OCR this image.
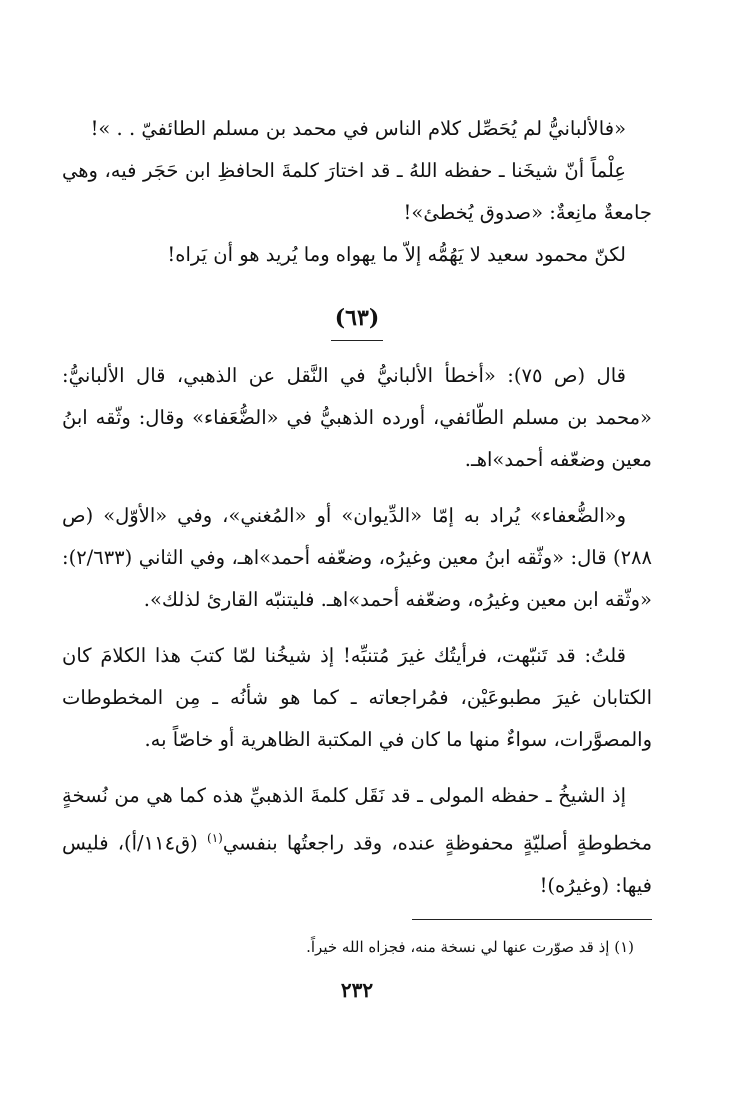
«فالألبانيُّ لم يُحَصِّل كلام الناس في محمد بن مسلم الطائفيّ . . »!

عِلْماً أنّ شيخَنا ـ حفظه اللهُ ـ قد اختارَ كلمةَ الحافظِ ابن حَجَر فيه، وهي جامعةٌ مانِعةٌ: «صدوق يُخطئ»!

لكنّ محمود سعيد لا يَهُمُّه إلاّ ما يهواه وما يُريد هو أن يَراه!

(٦٣)

قال (ص ٧٥): «أخطأ الألبانيُّ في النَّقل عن الذهبي، قال الألبانيُّ: «محمد بن مسلم الطّائفي، أورده الذهبيُّ في «الضُّعَفاء» وقال: وثّقه ابنُ معين وضعّفه أحمد»اهـ.

و«الضُّعفاء» يُراد به إمّا «الدِّيوان» أو «المُغني»، وفي «الأوّل» (ص ٢٨٨) قال: «وثّقه ابنُ معين وغيرُه، وضعّفه أحمد»اهـ، وفي الثاني (٢/٦٣٣): «وثّقه ابن معين وغيرُه، وضعّفه أحمد»اهـ. فليتنبّه القارئ لذلك».

قلتُ: قد تَنبّهت، فرأيتُك غيرَ مُتنبِّه! إذ شيخُنا لمّا كتبَ هذا الكلامَ كان الكتابان غيرَ مطبوعَيْن، فمُراجعاته ـ كما هو شأنُه ـ مِن المخطوطات والمصوَّرات، سواءٌ منها ما كان في المكتبة الظاهرية أو خاصّاً به.

إذ الشيخُ ـ حفظه المولى ـ قد نَقَل كلمةَ الذهبيِّ هذه كما هي من نُسخةٍ مخطوطةٍ أصليّةٍ محفوظةٍ عنده، وقد راجعتُها بنفسي$^{(١)}$ (ق١١٤/أ)، فليس فيها: (وغيرُه)!

(١) إذ قد صوّرت عنها لي نسخة منه، فجزاه الله خيراً.

٢٣٢
